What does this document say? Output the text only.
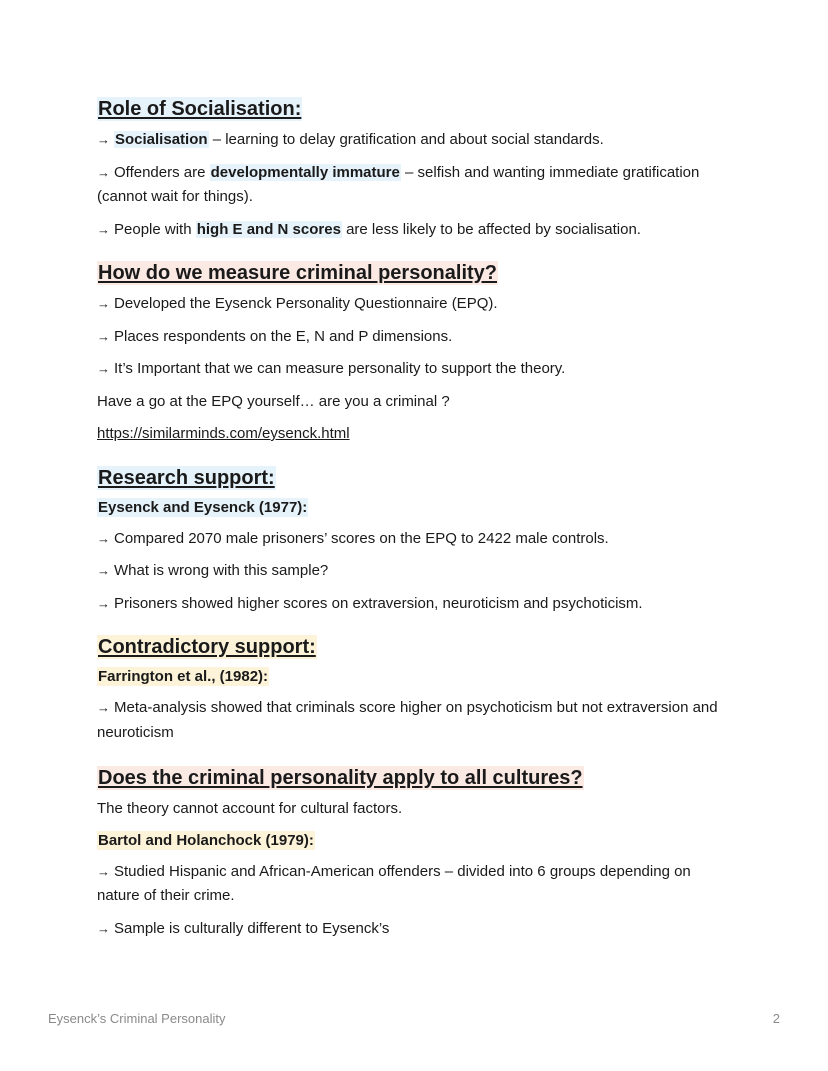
Role of Socialisation:

→ Socialisation – learning to delay gratification and about social standards.

→ Offenders are developmentally immature – selfish and wanting immediate gratification (cannot wait for things).

→ People with high E and N scores are less likely to be affected by socialisation.

How do we measure criminal personality?

→ Developed the Eysenck Personality Questionnaire (EPQ).

→ Places respondents on the E, N and P dimensions.

→ It’s Important that we can measure personality to support the theory.

Have a go at the EPQ yourself… are you a criminal ?

https://similarminds.com/eysenck.html

Research support:
Eysenck and Eysenck (1977):

→ Compared 2070 male prisoners’ scores on the EPQ to 2422 male controls.

→ What is wrong with this sample?

→ Prisoners showed higher scores on extraversion, neuroticism and psychoticism.

Contradictory support:
Farrington et al., (1982):

→ Meta-analysis showed that criminals score higher on psychoticism but not extraversion and neuroticism

Does the criminal personality apply to all cultures?

The theory cannot account for cultural factors.

Bartol and Holanchock (1979):

→ Studied Hispanic and African-American offenders – divided into 6 groups depending on nature of their crime.

→ Sample is culturally different to Eysenck’s

Eysenck’s Criminal Personality	2
